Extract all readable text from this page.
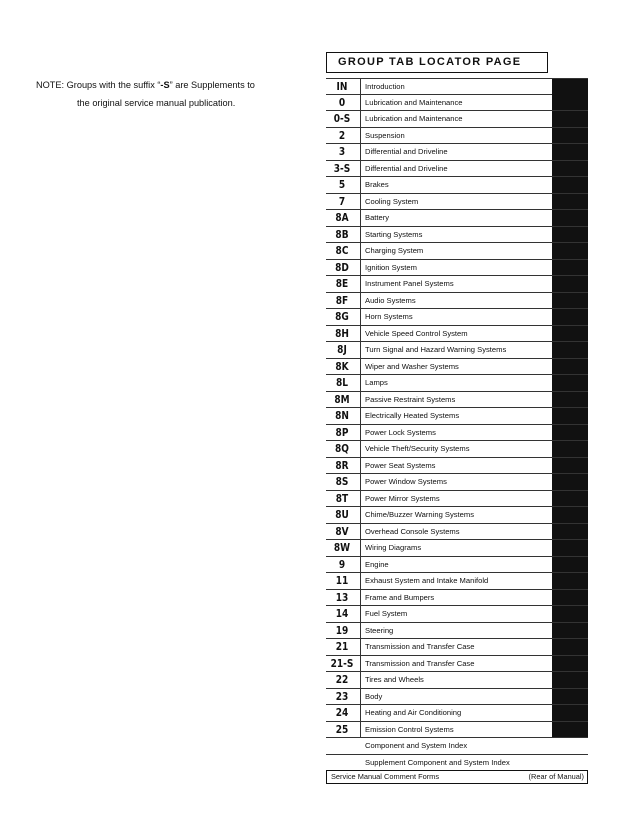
NOTE: Groups with the suffix “-S” are Supplements to
the original service manual publication.
GROUP TAB LOCATOR PAGE
IN	Introduction
0	Lubrication and Maintenance
0-S	Lubrication and Maintenance
2	Suspension
3	Differential and Driveline
3-S	Differential and Driveline
5	Brakes
7	Cooling System
8A	Battery
8B	Starting Systems
8C	Charging System
8D	Ignition System
8E	Instrument Panel Systems
8F	Audio Systems
8G	Horn Systems
8H	Vehicle Speed Control System
8J	Turn Signal and Hazard Warning Systems
8K	Wiper and Washer Systems
8L	Lamps
8M	Passive Restraint Systems
8N	Electrically Heated Systems
8P	Power Lock Systems
8Q	Vehicle Theft/Security Systems
8R	Power Seat Systems
8S	Power Window Systems
8T	Power Mirror Systems
8U	Chime/Buzzer Warning Systems
8V	Overhead Console Systems
8W	Wiring Diagrams
9	Engine
11	Exhaust System and Intake Manifold
13	Frame and Bumpers
14	Fuel System
19	Steering
21	Transmission and Transfer Case
21-S Transmission and Transfer Case
22	Tires and Wheels
23	Body
24	Heating and Air Conditioning
25	Emission Control Systems
Component and System Index
Supplement Component and System Index
Service Manual Comment Forms	(Rear of Manual)
